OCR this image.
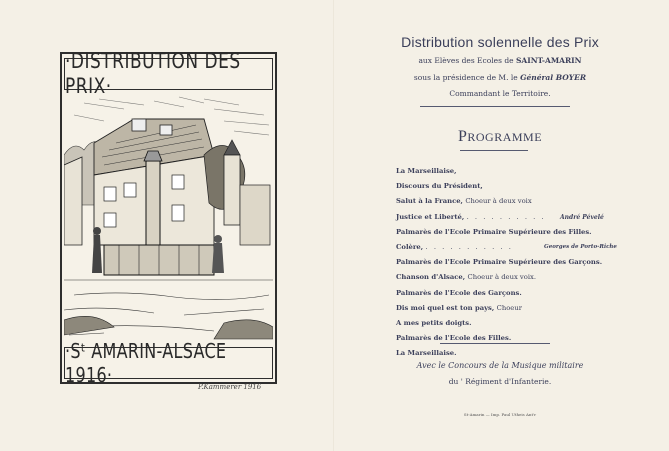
·DISTRIBUTION DES PRIX·
·Sᵗ AMARIN-ALSACE 1916·
P.Kammerer 1916
Distribution solennelle des Prix
aux Elèves des Ecoles de SAINT-AMARIN
sous la présidence de M. le Général BOYER
Commandant le Territoire.
PROGRAMME
La Marseillaise,
Discours du Président,
Salut à la France, Choeur à deux voix
Justice et Liberté, . . . . . . . . . . André Pévelé
Palmarès de l'Ecole Primaire Supérieure des Filles.
Colère, . . . . . . . . . . .	Georges de Porto-Riche
Palmarès de l'Ecole Primaire Supérieure des Garçons.
Chanson d'Alsace, Choeur à deux voix.
Palmarès de l'Ecole des Garçons.
Dis moi quel est ton pays, Choeur
A mes petits doigts.
Palmarès de l'Ecole des Filles.
La Marseillaise.
Avec le Concours de la Musique militaire
du ' Régiment d'Infanterie.
St-Amarin — Imp. Paul Utheis Ant'r
